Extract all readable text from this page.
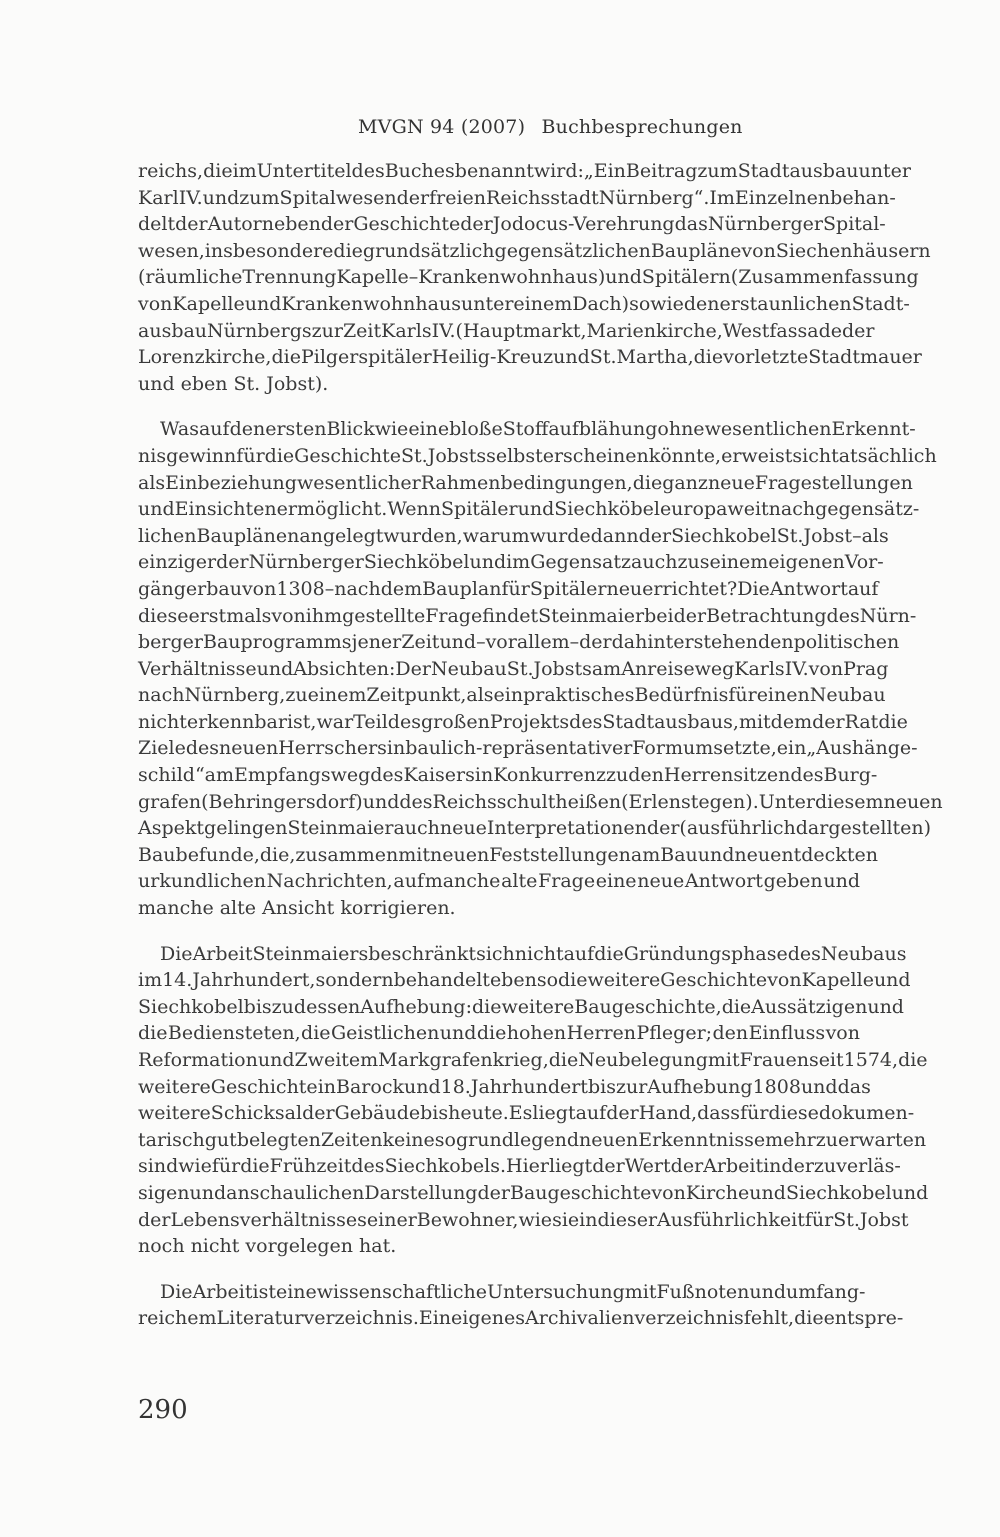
MVGN 94 (2007) Buchbesprechungen
reichs, die im Untertitel des Buches benannt wird: „Ein Beitrag zum Stadtausbau unter
Karl IV. und zum Spitalwesen der freien Reichsstadt Nürnberg“. Im Einzelnen behan-
delt der Autor neben der Geschichte der Jodocus-Verehrung das Nürnberger Spital-
wesen, insbesondere die grundsätzlich gegensätzlichen Baupläne von Siechenhäusern
(räumliche Trennung Kapelle – Krankenwohnhaus) und Spitälern (Zusammenfassung
von Kapelle und Krankenwohnhaus unter einem Dach) sowie den erstaunlichen Stadt-
ausbau Nürnbergs zur Zeit Karls IV. (Hauptmarkt, Marienkirche, Westfassade der
Lorenzkirche, die Pilgerspitäler Heilig-Kreuz und St. Martha, die vorletzte Stadtmauer
und eben St. Jobst).
Was auf den ersten Blick wie eine bloße Stoffaufblähung ohne wesentlichen Erkennt-
nisgewinn für die Geschichte St. Jobsts selbst erscheinen könnte, erweist sich tatsächlich
als Einbeziehung wesentlicher Rahmenbedingungen, die ganz neue Fragestellungen
und Einsichten ermöglicht. Wenn Spitäler und Siechköbel europaweit nach gegensätz-
lichen Bauplänen angelegt wurden, warum wurde dann der Siechkobel St. Jobst – als
einziger der Nürnberger Siechköbel und im Gegensatz auch zu seinem eigenen Vor-
gängerbau von 1308 – nach dem Bauplan für Spitäler neu errichtet? Die Antwort auf
diese erstmals von ihm gestellte Frage findet Steinmaier bei der Betrachtung des Nürn-
berger Bauprogramms jener Zeit und – vor allem – der dahinter stehenden politischen
Verhältnisse und Absichten: Der Neubau St. Jobsts am Anreiseweg Karls IV. von Prag
nach Nürnberg, zu einem Zeitpunkt, als ein praktisches Bedürfnis für einen Neubau
nicht erkennbar ist, war Teil des großen Projekts des Stadtausbaus, mit dem der Rat die
Ziele des neuen Herrschers in baulich-repräsentativer Form umsetzte, ein „Aushänge-
schild“ am Empfangsweg des Kaisers in Konkurrenz zu den Herrensitzen des Burg-
grafen (Behringersdorf) und des Reichsschultheißen (Erlenstegen). Unter diesem neuen
Aspekt gelingen Steinmaier auch neue Interpretationen der (ausführlich dargestellten)
Baubefunde, die, zusammen mit neuen Feststellungen am Bau und neuentdeckten
urkundlichen Nachrichten, auf manche alte Frage eine neue Antwort geben und
manche alte Ansicht korrigieren.
Die Arbeit Steinmaiers beschränkt sich nicht auf die Gründungsphase des Neubaus
im 14. Jahrhundert, sondern behandelt ebenso die weitere Geschichte von Kapelle und
Siechkobel bis zu dessen Aufhebung: die weitere Baugeschichte, die Aussätzigen und
die Bediensteten, die Geistlichen und die hohen Herren Pfleger; den Einfluss von
Reformation und Zweitem Markgrafenkrieg, die Neubelegung mit Frauen seit 1574, die
weitere Geschichte in Barock und 18. Jahrhundert bis zur Aufhebung 1808 und das
weitere Schicksal der Gebäude bis heute. Es liegt auf der Hand, dass für diese dokumen-
tarisch gut belegten Zeiten keine so grundlegend neuen Erkenntnisse mehr zu erwarten
sind wie für die Frühzeit des Siechkobels. Hier liegt der Wert der Arbeit in der zuverläs-
sigen und anschaulichen Darstellung der Baugeschichte von Kirche und Siechkobel und
der Lebensverhältnisse seiner Bewohner, wie sie in dieser Ausführlichkeit für St. Jobst
noch nicht vorgelegen hat.
Die Arbeit ist eine wissenschaftliche Untersuchung mit Fußnoten und umfang-
reichem Literaturverzeichnis. Ein eigenes Archivalienverzeichnis fehlt, die entspre-
290
